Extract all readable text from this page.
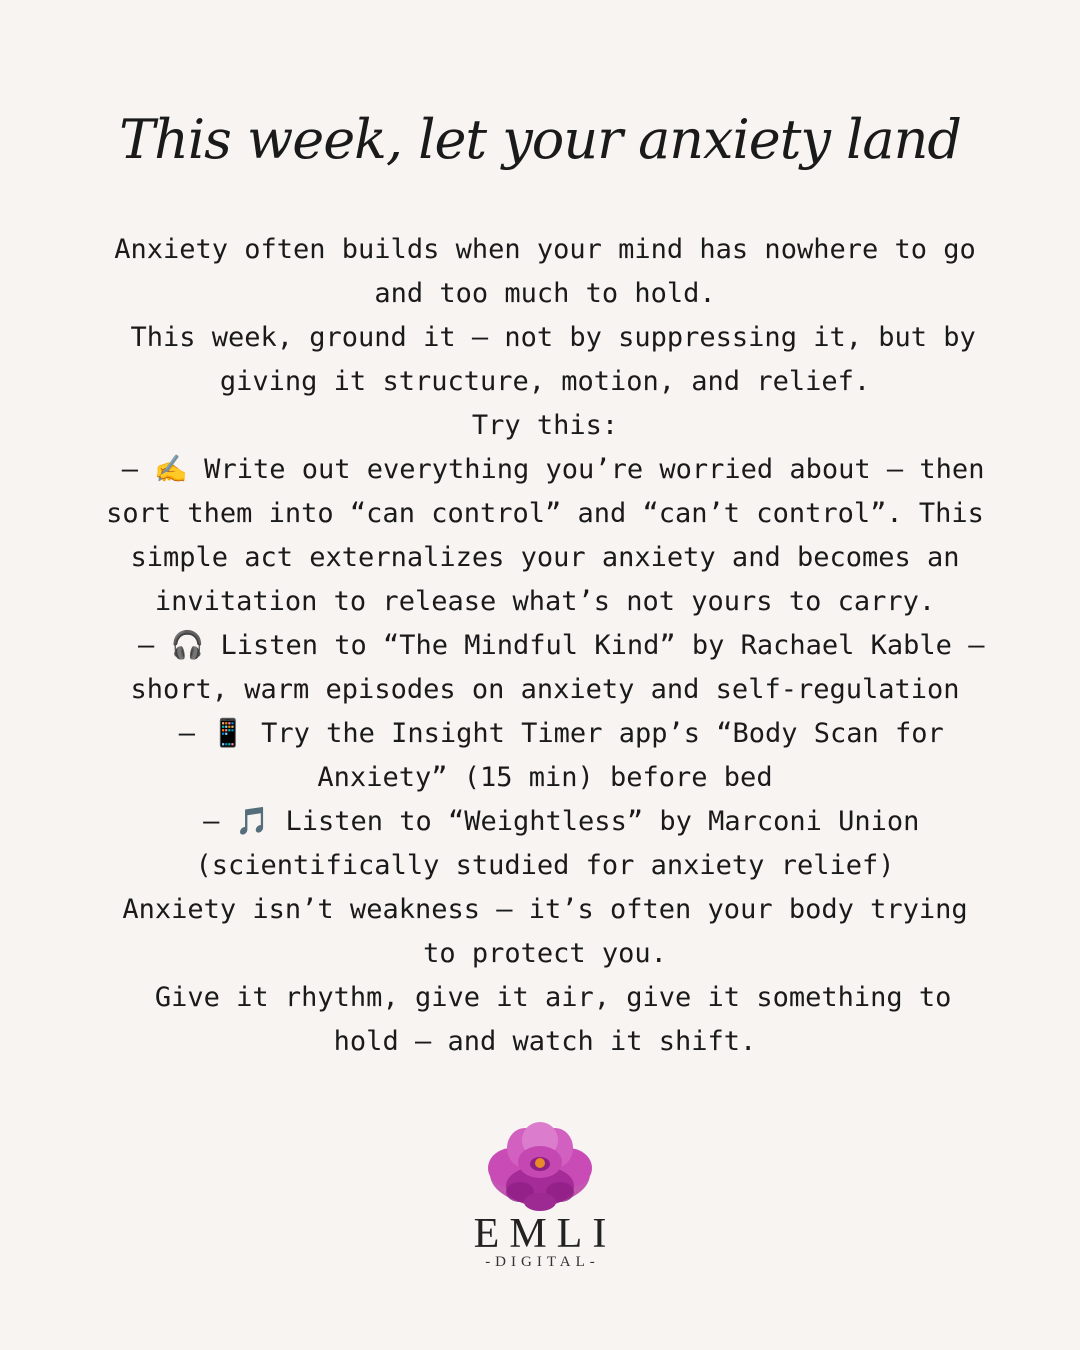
This week, let your anxiety land
Anxiety often builds when your mind has nowhere to go
and too much to hold.
This week, ground it — not by suppressing it, but by
giving it structure, motion, and relief.
Try this:
– ✍️ Write out everything you’re worried about — then
sort them into “can control” and “can’t control”. This
simple act externalizes your anxiety and becomes an
invitation to release what’s not yours to carry.
– 🎧 Listen to “The Mindful Kind” by Rachael Kable –
short, warm episodes on anxiety and self-regulation
– 📱 Try the Insight Timer app’s “Body Scan for
Anxiety” (15 min) before bed
– 🎵 Listen to “Weightless” by Marconi Union
(scientifically studied for anxiety relief)
Anxiety isn’t weakness — it’s often your body trying
to protect you.
Give it rhythm, give it air, give it something to
hold — and watch it shift.
EMLI
-DIGITAL-
